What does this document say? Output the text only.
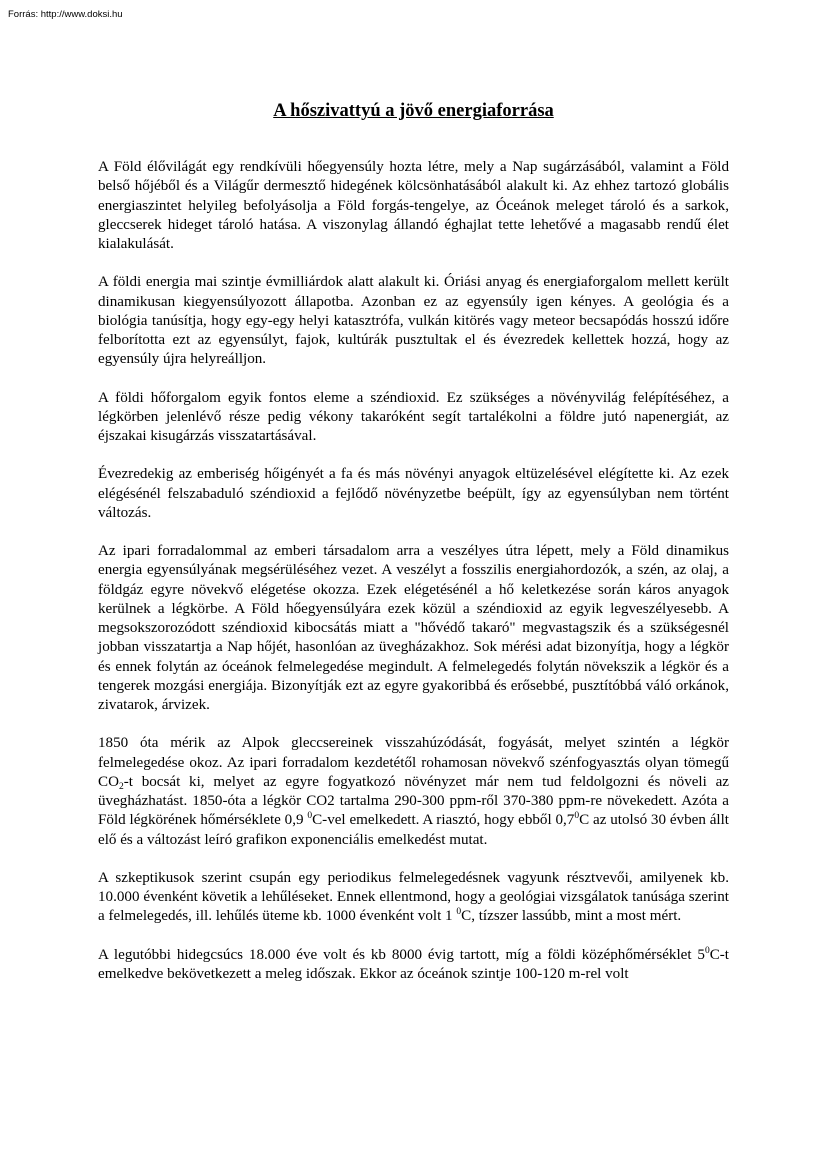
Forrás: http://www.doksi.hu
A hőszivattyú a jövő energiaforrása

A Föld élővilágát egy rendkívüli hőegyensúly hozta létre, mely a Nap sugárzásából, valamint a Föld belső hőjéből és a Világűr dermesztő hidegének kölcsönhatásából alakult ki. Az ehhez tartozó globális energiaszintet helyileg befolyásolja a Föld forgás-tengelye, az Óceánok meleget tároló és a sarkok, gleccserek hideget tároló hatása. A viszonylag állandó éghajlat tette lehetővé a magasabb rendű élet kialakulását.

A földi energia mai szintje évmilliárdok alatt alakult ki. Óriási anyag és energiaforgalom mellett került dinamikusan kiegyensúlyozott állapotba. Azonban ez az egyensúly igen kényes. A geológia és a biológia tanúsítja, hogy egy-egy helyi katasztrófa, vulkán kitörés vagy meteor becsapódás hosszú időre felborította ezt az egyensúlyt, fajok, kultúrák pusztultak el és évezredek kellettek hozzá, hogy az egyensúly újra helyreálljon.

A földi hőforgalom egyik fontos eleme a széndioxid. Ez szükséges a növényvilág felépítéséhez, a légkörben jelenlévő része pedig vékony takaróként segít tartalékolni a földre jutó napenergiát, az éjszakai kisugárzás visszatartásával.

Évezredekig az emberiség hőigényét a fa és más növényi anyagok eltüzelésével elégítette ki. Az ezek elégésénél felszabaduló széndioxid a fejlődő növényzetbe beépült, így az egyensúlyban nem történt változás.

Az ipari forradalommal az emberi társadalom arra a veszélyes útra lépett, mely a Föld dinamikus energia egyensúlyának megsérüléséhez vezet. A veszélyt a fosszilis energiahordozók, a szén, az olaj, a földgáz egyre növekvő elégetése okozza. Ezek elégetésénél a hő keletkezése során káros anyagok kerülnek a légkörbe. A Föld hőegyensúlyára ezek közül a széndioxid az egyik legveszélyesebb. A megsokszorozódott széndioxid kibocsátás miatt a "hővédő takaró" megvastagszik és a szükségesnél jobban visszatartja a Nap hőjét, hasonlóan az üvegházakhoz. Sok mérési adat bizonyítja, hogy a légkör és ennek folytán az óceánok felmelegedése megindult. A felmelegedés folytán növekszik a légkör és a tengerek mozgási energiája. Bizonyítják ezt az egyre gyakoribbá és erősebbé, pusztítóbbá váló orkánok, zivatarok, árvizek.

1850 óta mérik az Alpok gleccsereinek visszahúzódását, fogyását, melyet szintén a légkör felmelegedése okoz. Az ipari forradalom kezdetétől rohamosan növekvő szénfogyasztás olyan tömegű $CO_2-t$ bocsát ki, melyet az egyre fogyatkozó növényzet már nem tud feldolgozni és növeli az üvegházhatást. 1850-óta a légkör CO2 tartalma 290-300 ppm-ről 370-380 ppm-re növekedett. Azóta a Föld légkörének hőmérséklete 0,9 $^0$C-vel emelkedett. A riasztó, hogy ebből $0,7^0C$ az utolsó 30 évben állt elő és a változást leíró grafikon exponenciális emelkedést mutat.

A szkeptikusok szerint csupán egy periodikus felmelegedésnek vagyunk résztvevői, amilyenek kb. 10.000 évenként követik a lehűléseket. Ennek ellentmond, hogy a geológiai vizsgálatok tanúsága szerint a felmelegedés, ill. lehűlés üteme kb. 1000 évenként volt 1 $^0$C, tízszer lassúbb, mint a most mért.

A legutóbbi hidegcsúcs 18.000 éve volt és kb 8000 évig tartott, míg a földi középhőmérséklet $5^0C-t$ emelkedve bekövetkezett a meleg időszak. Ekkor az óceánok szintje 100-120 m-rel volt
